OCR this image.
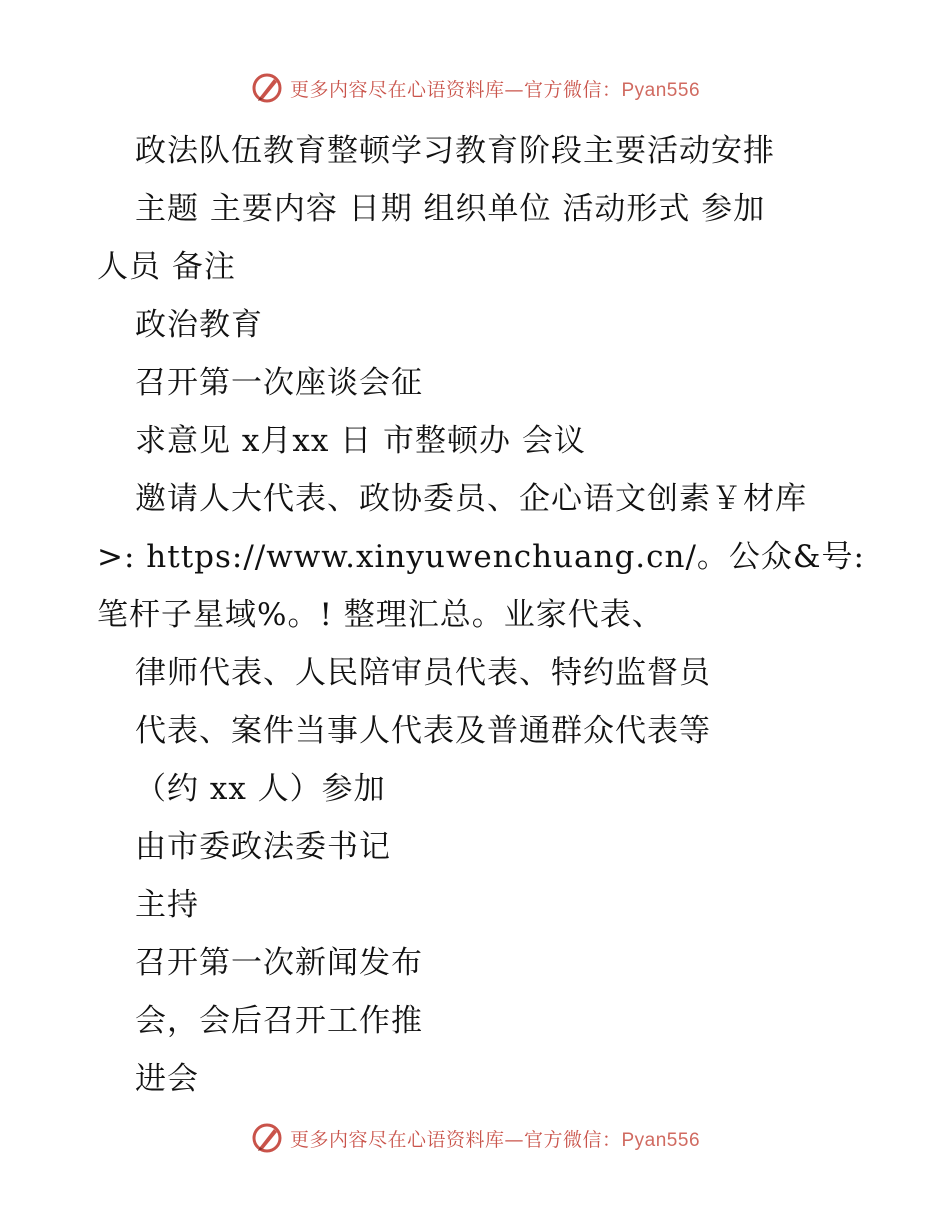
更多内容尽在心语资料库—官方微信：Pyan556
政法队伍教育整顿学习教育阶段主要活动安排
主题 主要内容 日期 组织单位 活动形式 参加
人员 备注
政治教育
召开第一次座谈会征
求意见 x月xx 日 市整顿办 会议
邀请人大代表、政协委员、企心语文创素￥材库
>: https://www.xinyuwenchuang.cn/。公众&号:
笔杆子星域%。! 整理汇总。业家代表、
律师代表、人民陪审员代表、特约监督员
代表、案件当事人代表及普通群众代表等
（约 xx 人）参加
由市委政法委书记
主持
召开第一次新闻发布
会，会后召开工作推
进会
更多内容尽在心语资料库—官方微信：Pyan556
